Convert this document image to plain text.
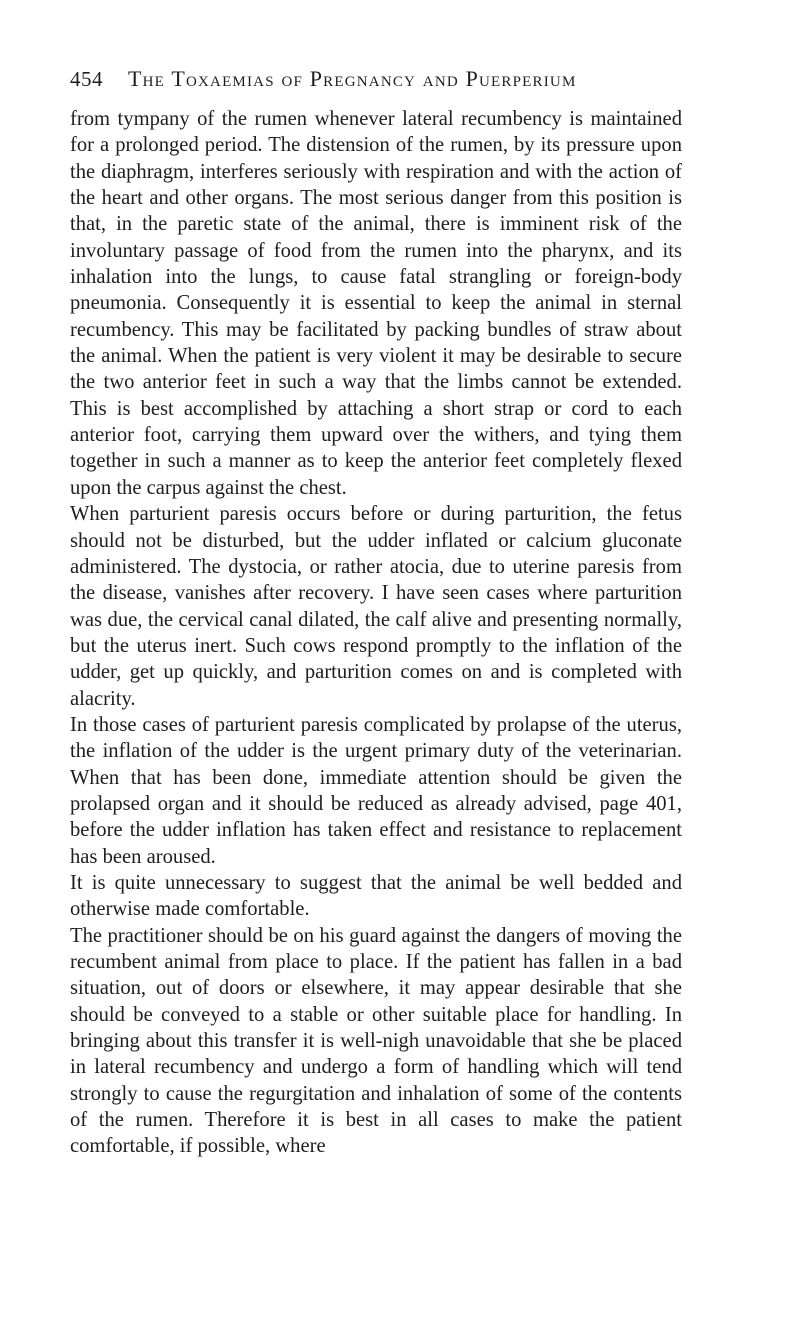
454	The Toxaemias of Pregnancy and Puerperium

from tympany of the rumen whenever lateral recumbency is maintained for a prolonged period. The distension of the rumen, by its pressure upon the diaphragm, interferes seriously with respiration and with the action of the heart and other organs. The most serious danger from this position is that, in the paretic state of the animal, there is imminent risk of the involuntary passage of food from the rumen into the pharynx, and its inhalation into the lungs, to cause fatal strangling or foreign-body pneumonia. Consequently it is essential to keep the animal in sternal recumbency. This may be facilitated by packing bundles of straw about the animal. When the patient is very violent it may be desirable to secure the two anterior feet in such a way that the limbs cannot be extended. This is best accomplished by attaching a short strap or cord to each anterior foot, carrying them upward over the withers, and tying them together in such a manner as to keep the anterior feet completely flexed upon the carpus against the chest.

When parturient paresis occurs before or during parturition, the fetus should not be disturbed, but the udder inflated or calcium gluconate administered. The dystocia, or rather atocia, due to uterine paresis from the disease, vanishes after recovery. I have seen cases where parturition was due, the cervical canal dilated, the calf alive and presenting normally, but the uterus inert. Such cows respond promptly to the inflation of the udder, get up quickly, and parturition comes on and is completed with alacrity.

In those cases of parturient paresis complicated by prolapse of the uterus, the inflation of the udder is the urgent primary duty of the veterinarian. When that has been done, immediate attention should be given the prolapsed organ and it should be reduced as already advised, page 401, before the udder inflation has taken effect and resistance to replacement has been aroused.

It is quite unnecessary to suggest that the animal be well bedded and otherwise made comfortable.

The practitioner should be on his guard against the dangers of moving the recumbent animal from place to place. If the patient has fallen in a bad situation, out of doors or elsewhere, it may appear desirable that she should be conveyed to a stable or other suitable place for handling. In bringing about this transfer it is well-nigh unavoidable that she be placed in lateral recumbency and undergo a form of handling which will tend strongly to cause the regurgitation and inhalation of some of the contents of the rumen. Therefore it is best in all cases to make the patient comfortable, if possible, where
